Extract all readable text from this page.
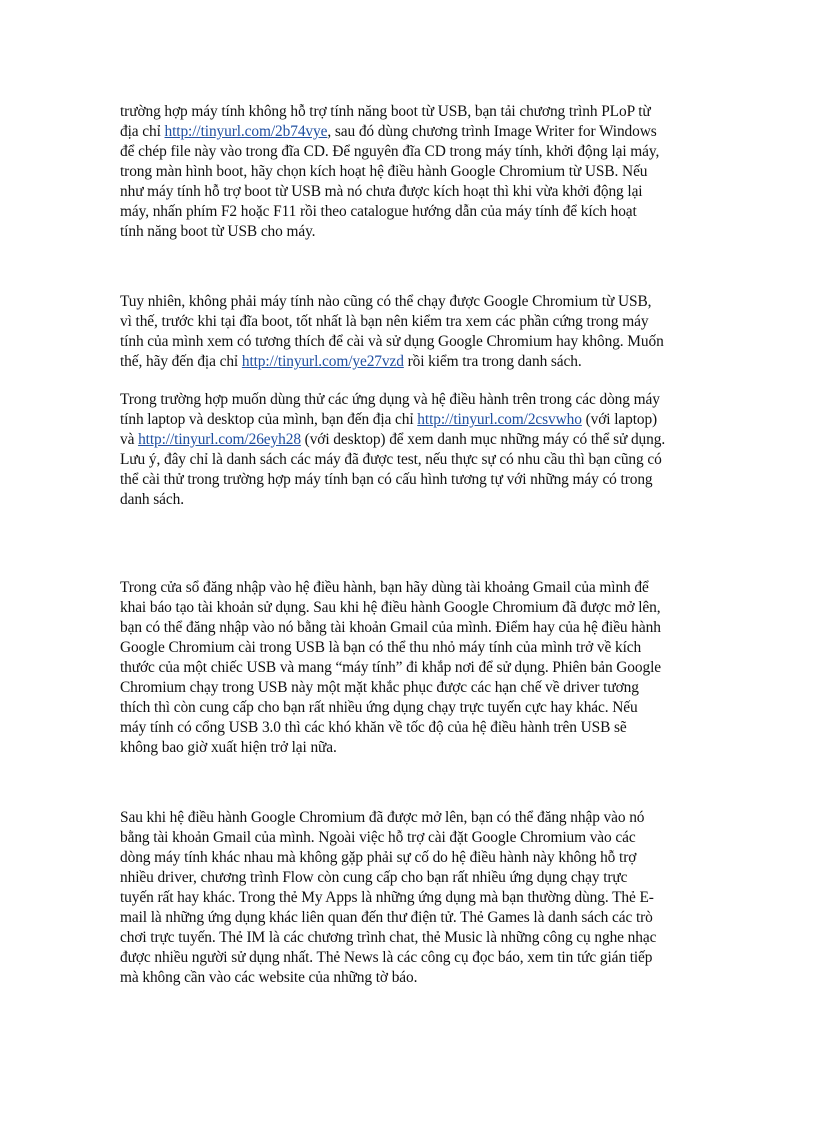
trường hợp máy tính không hỗ trợ tính năng boot từ USB, bạn tải chương trình PLoP từ
địa chỉ http://tinyurl.com/2b74vye, sau đó dùng chương trình Image Writer for Windows
để chép file này vào trong đĩa CD. Để nguyên đĩa CD trong máy tính, khởi động lại máy,
trong màn hình boot, hãy chọn kích hoạt hệ điều hành Google Chromium từ USB. Nếu
như máy tính hỗ trợ boot từ USB mà nó chưa được kích hoạt thì khi vừa khởi động lại
máy, nhấn phím F2 hoặc F11 rồi theo catalogue hướng dẫn của máy tính để kích hoạt
tính năng boot từ USB cho máy.

Tuy nhiên, không phải máy tính nào cũng có thể chạy được Google Chromium từ USB,
vì thế, trước khi tại đĩa boot, tốt nhất là bạn nên kiểm tra xem các phần cứng trong máy
tính của mình xem có tương thích để cài và sử dụng Google Chromium hay không. Muốn
thế, hãy đến địa chỉ http://tinyurl.com/ye27vzd rồi kiểm tra trong danh sách.

Trong trường hợp muốn dùng thử các ứng dụng và hệ điều hành trên trong các dòng máy
tính laptop và desktop của mình, bạn đến địa chỉ http://tinyurl.com/2csvwho (với laptop)
và http://tinyurl.com/26eyh28 (với desktop) để xem danh mục những máy có thể sử dụng.
Lưu ý, đây chỉ là danh sách các máy đã được test, nếu thực sự có nhu cầu thì bạn cũng có
thể cài thử trong trường hợp máy tính bạn có cấu hình tương tự với những máy có trong
danh sách.

Trong cửa sổ đăng nhập vào hệ điều hành, bạn hãy dùng tài khoảng Gmail của mình để
khai báo tạo tài khoản sử dụng. Sau khi hệ điều hành Google Chromium đã được mở lên,
bạn có thể đăng nhập vào nó bằng tài khoản Gmail của mình. Điểm hay của hệ điều hành
Google Chromium cài trong USB là bạn có thể thu nhỏ máy tính của mình trở về kích
thước của một chiếc USB và mang “máy tính” đi khắp nơi để sử dụng. Phiên bản Google
Chromium chạy trong USB này một mặt khắc phục được các hạn chế về driver tương
thích thì còn cung cấp cho bạn rất nhiều ứng dụng chạy trực tuyến cực hay khác. Nếu
máy tính có cổng USB 3.0 thì các khó khăn về tốc độ của hệ điều hành trên USB sẽ
không bao giờ xuất hiện trở lại nữa.

Sau khi hệ điều hành Google Chromium đã được mở lên, bạn có thể đăng nhập vào nó
bằng tài khoản Gmail của mình. Ngoài việc hỗ trợ cài đặt Google Chromium vào các
dòng máy tính khác nhau mà không gặp phải sự cố do hệ điều hành này không hỗ trợ
nhiều driver, chương trình Flow còn cung cấp cho bạn rất nhiều ứng dụng chạy trực
tuyến rất hay khác. Trong thẻ My Apps là những ứng dụng mà bạn thường dùng. Thẻ E-
mail là những ứng dụng khác liên quan đến thư điện tử. Thẻ Games là danh sách các trò
chơi trực tuyến. Thẻ IM là các chương trình chat, thẻ Music là những công cụ nghe nhạc
được nhiều người sử dụng nhất. Thẻ News là các công cụ đọc báo, xem tin tức gián tiếp
mà không cần vào các website của những tờ báo.
